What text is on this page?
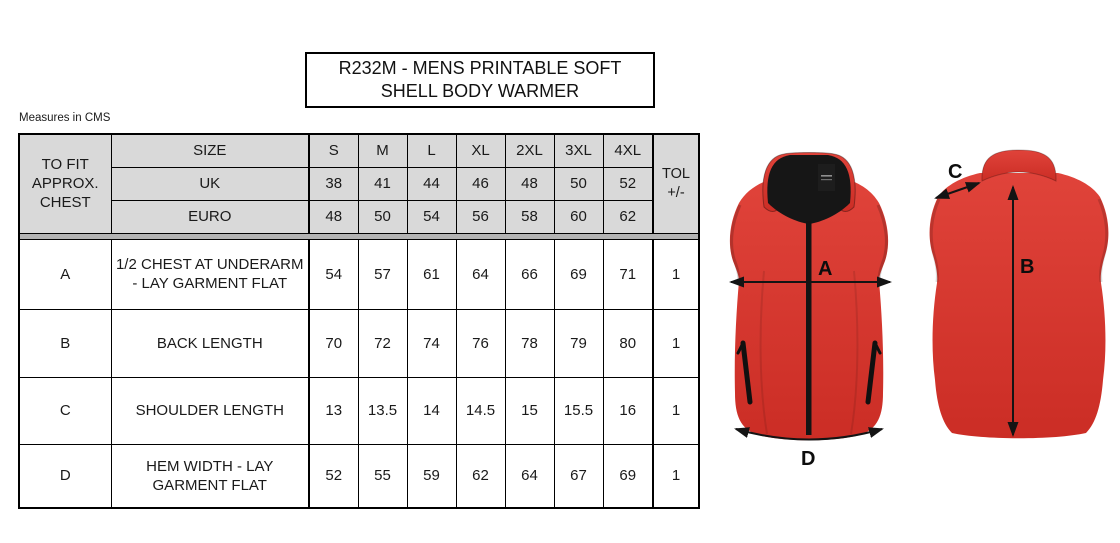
R232M - MENS PRINTABLE SOFT SHELL BODY WARMER
Measures in CMS
TO FIT APPROX. CHEST	SIZE	S	M	L	XL	2XL	3XL	4XL	TOL
+/-

	UK	38	41	44	46	48	50	52	
	EURO	48	50	54	56	58	60	62	

A	1/2 CHEST AT UNDERARM - LAY GARMENT FLAT	54	57	61	64	66	69	71	1
B	BACK LENGTH	70	72	74	76	78	79	80	1
C	SHOULDER LENGTH	13	13.5	14	14.5	15	15.5	16	1
D	HEM WIDTH - LAY GARMENT FLAT	52	55	59	62	64	67	69	1
A
D
B
C
